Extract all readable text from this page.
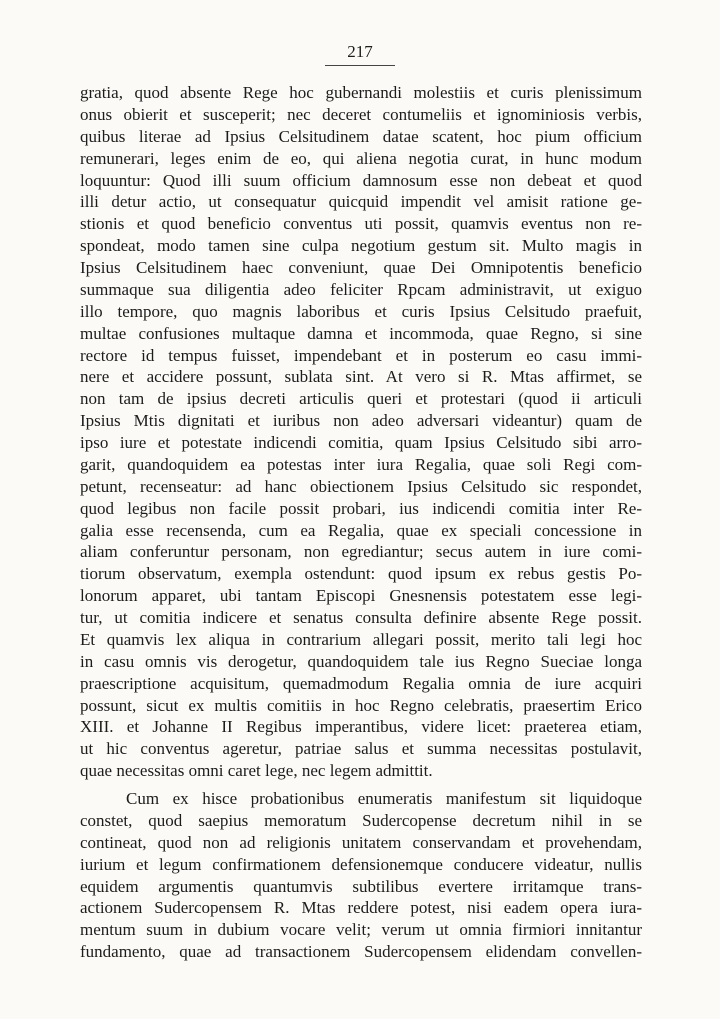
217
gratia, quod absente Rege hoc gubernandi molestiis et curis plenissimum
onus obierit et susceperit; nec deceret contumeliis et ignominiosis verbis,
quibus literae ad Ipsius Celsitudinem datae scatent, hoc pium officium
remunerari, leges enim de eo, qui aliena negotia curat, in hunc modum
loquuntur: Quod illi suum officium damnosum esse non debeat et quod
illi detur actio, ut consequatur quicquid impendit vel amisit ratione ge-
stionis et quod beneficio conventus uti possit, quamvis eventus non re-
spondeat, modo tamen sine culpa negotium gestum sit. Multo magis in
Ipsius Celsitudinem haec conveniunt, quae Dei Omnipotentis beneficio
summaque sua diligentia adeo feliciter Rpcam administravit, ut exiguo
illo tempore, quo magnis laboribus et curis Ipsius Celsitudo praefuit,
multae confusiones multaque damna et incommoda, quae Regno, si sine
rectore id tempus fuisset, impendebant et in posterum eo casu immi-
nere et accidere possunt, sublata sint. At vero si R. Mtas affirmet, se
non tam de ipsius decreti articulis queri et protestari (quod ii articuli
Ipsius Mtis dignitati et iuribus non adeo adversari videantur) quam de
ipso iure et potestate indicendi comitia, quam Ipsius Celsitudo sibi arro-
garit, quandoquidem ea potestas inter iura Regalia, quae soli Regi com-
petunt, recenseatur: ad hanc obiectionem Ipsius Celsitudo sic respondet,
quod legibus non facile possit probari, ius indicendi comitia inter Re-
galia esse recensenda, cum ea Regalia, quae ex speciali concessione in
aliam conferuntur personam, non egrediantur; secus autem in iure comi-
tiorum observatum, exempla ostendunt: quod ipsum ex rebus gestis Po-
lonorum apparet, ubi tantam Episcopi Gnesnensis potestatem esse legi-
tur, ut comitia indicere et senatus consulta definire absente Rege possit.
Et quamvis lex aliqua in contrarium allegari possit, merito tali legi hoc
in casu omnis vis derogetur, quandoquidem tale ius Regno Sueciae longa
praescriptione acquisitum, quemadmodum Regalia omnia de iure acquiri
possunt, sicut ex multis comitiis in hoc Regno celebratis, praesertim Erico
XIII. et Johanne II Regibus imperantibus, videre licet: praeterea etiam,
ut hic conventus ageretur, patriae salus et summa necessitas postulavit,
quae necessitas omni caret lege, nec legem admittit.
Cum ex hisce probationibus enumeratis manifestum sit liquidoque
constet, quod saepius memoratum Sudercopense decretum nihil in se
contineat, quod non ad religionis unitatem conservandam et provehendam,
iurium et legum confirmationem defensionemque conducere videatur, nullis
equidem argumentis quantumvis subtilibus evertere irritamque trans-
actionem Sudercopensem R. Mtas reddere potest, nisi eadem opera iura-
mentum suum in dubium vocare velit; verum ut omnia firmiori innitantur
fundamento, quae ad transactionem Sudercopensem elidendam convellen-
